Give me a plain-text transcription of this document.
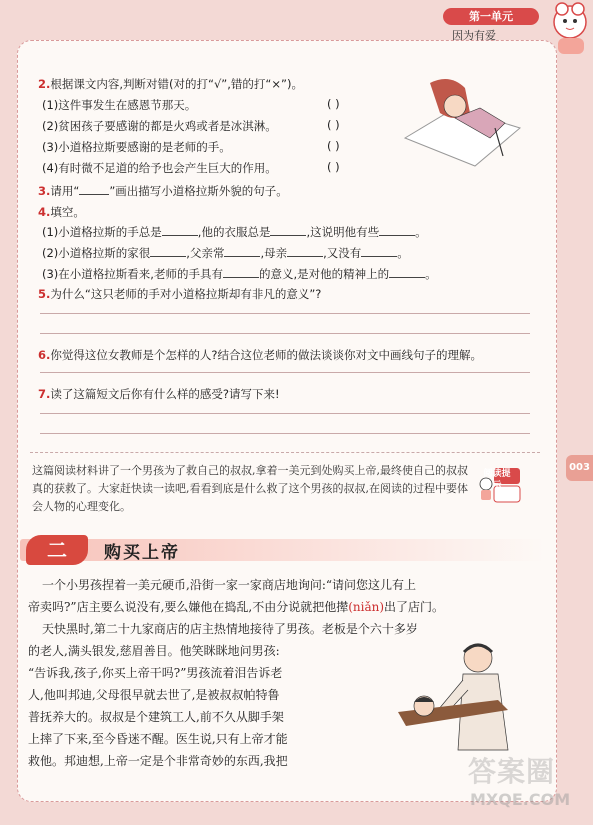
第一单元
因为有爱
2.根据课文内容,判断对错(对的打“√”,错的打“×”)。
(1)这件事发生在感恩节那天。	( )
(2)贫困孩子要感谢的都是火鸡或者是冰淇淋。	( )
(3)小道格拉斯要感谢的是老师的手。	( )
(4)有时微不足道的给予也会产生巨大的作用。	( )
3.请用“	”画出描写小道格拉斯外貌的句子。
4.填空。
(1)小道格拉斯的手总是	,他的衣服总是	,这说明他有些	。
(2)小道格拉斯的家很	,父亲常	,母亲	,又没有	。
(3)在小道格拉斯看来,老师的手具有	的意义,是对他的精神上的	。
5.为什么“这只老师的手对小道格拉斯却有非凡的意义”?
6.你觉得这位女教师是个怎样的人?结合这位老师的做法谈谈你对文中画线句子的理解。
7.读了这篇短文后你有什么样的感受?请写下来!
这篇阅读材料讲了一个男孩为了救自己的叔叔,拿着一美元到处购买上帝,最终使自己的叔叔真的获救了。大家赶快读一读吧,看看到底是什么救了这个男孩的叔叔,在阅读的过程中要体会人物的心理变化。
阅读提示
003
二	购买上帝
一个小男孩捏着一美元硬币,沿街一家一家商店地询问:“请问您这儿有上
帝卖吗?”店主要么说没有,要么嫌他在捣乱,不由分说就把他撵(niǎn)出了店门。
天快黑时,第二十九家商店的店主热情地接待了男孩。老板是个六十多岁
的老人,满头银发,慈眉善目。他笑眯眯地问男孩:
“告诉我,孩子,你买上帝干吗?”男孩流着泪告诉老
人,他叫邦迪,父母很早就去世了,是被叔叔帕特鲁
普抚养大的。叔叔是个建筑工人,前不久从脚手架
上摔了下来,至今昏迷不醒。医生说,只有上帝才能
救他。邦迪想,上帝一定是个非常奇妙的东西,我把	答案圈
MXQE.COM
